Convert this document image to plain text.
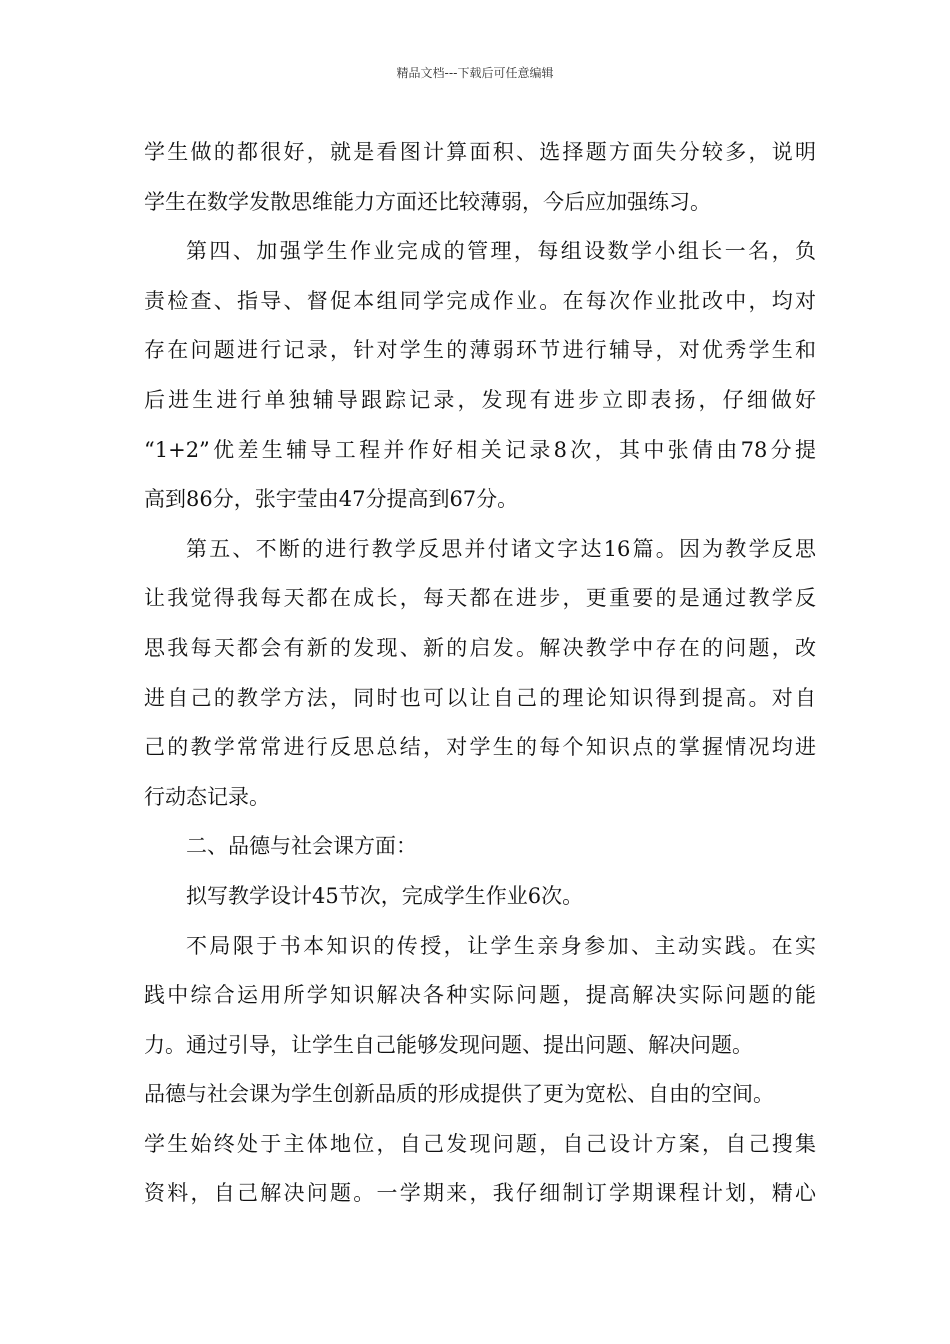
精品文档---下载后可任意编辑
学生做的都很好，就是看图计算面积、选择题方面失分较多，说明
学生在数学发散思维能力方面还比较薄弱，今后应加强练习。
第四、加强学生作业完成的管理，每组设数学小组长一名，负
责检查、指导、督促本组同学完成作业。在每次作业批改中，均对
存在问题进行记录，针对学生的薄弱环节进行辅导，对优秀学生和
后进生进行单独辅导跟踪记录，发现有进步立即表扬，仔细做好
“1+2”优差生辅导工程并作好相关记录8次，其中张倩由78分提
高到86分，张宇莹由47分提高到67分。
第五、不断的进行教学反思并付诸文字达16篇。因为教学反思
让我觉得我每天都在成长，每天都在进步，更重要的是通过教学反
思我每天都会有新的发现、新的启发。解决教学中存在的问题，改
进自己的教学方法，同时也可以让自己的理论知识得到提高。对自
己的教学常常进行反思总结，对学生的每个知识点的掌握情况均进
行动态记录。
二、品德与社会课方面：
拟写教学设计45节次，完成学生作业6次。
不局限于书本知识的传授，让学生亲身参加、主动实践。在实
践中综合运用所学知识解决各种实际问题，提高解决实际问题的能
力。通过引导，让学生自己能够发现问题、提出问题、解决问题。
品德与社会课为学生创新品质的形成提供了更为宽松、自由的空间。
学生始终处于主体地位，自己发现问题，自己设计方案，自己搜集
资料，自己解决问题。一学期来，我仔细制订学期课程计划，精心
